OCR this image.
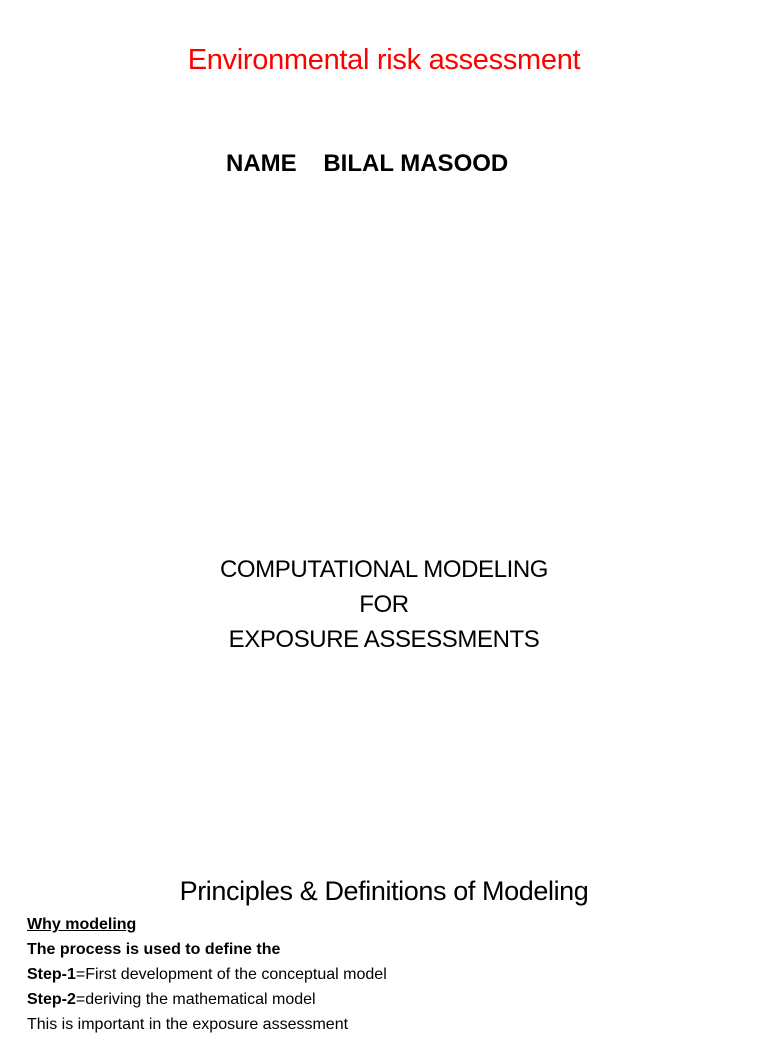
Environmental risk assessment
NAME BILAL MASOOD
COMPUTATIONAL MODELING
FOR
EXPOSURE ASSESSMENTS
Principles & Definitions of Modeling
Why modeling
The process is used to define the
Step-1=First development of the conceptual model
Step-2=deriving the mathematical model
This is important in the exposure assessment
